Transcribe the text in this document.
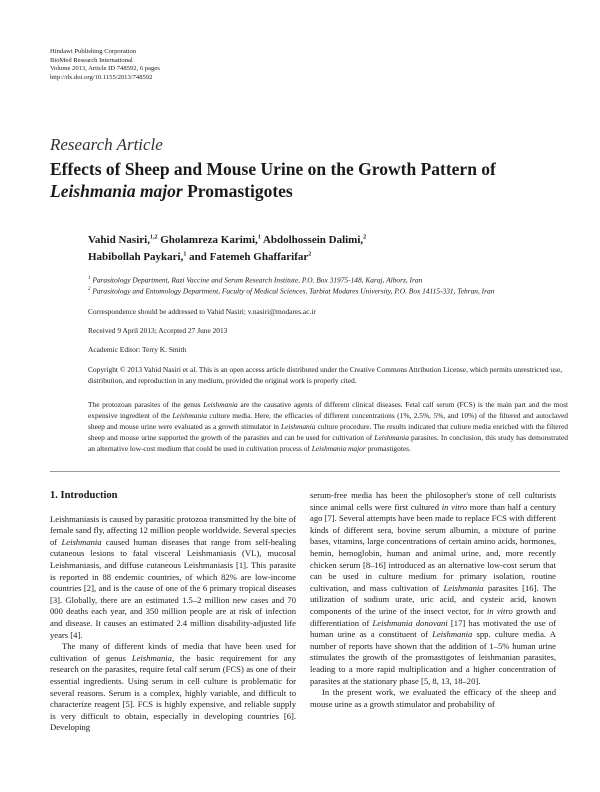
Hindawi Publishing Corporation
BioMed Research International
Volume 2013, Article ID 748592, 6 pages
http://dx.doi.org/10.1155/2013/748592
Research Article
Effects of Sheep and Mouse Urine on the Growth Pattern of
Leishmania major Promastigotes
Vahid Nasiri,$^{1,2}$ Gholamreza Karimi,$^1$ Abdolhossein Dalimi,$^2$
Habibollah Paykari,$^1$ and Fatemeh Ghaffarifar$^2$
$^1$ Parasitology Department, Razi Vaccine and Serum Research Institute, P.O. Box 31975-148, Karaj, Alborz, Iran
$^2$ Parasitology and Entomology Department, Faculty of Medical Sciences, Tarbiat Modares University, P.O. Box 14115-331, Tehran, Iran
Correspondence should be addressed to Vahid Nasiri; v.nasiri@modares.ac.ir
Received 9 April 2013; Accepted 27 June 2013
Academic Editor: Terry K. Smith
Copyright © 2013 Vahid Nasiri et al. This is an open access article distributed under the Creative Commons Attribution License, which permits unrestricted use, distribution, and reproduction in any medium, provided the original work is properly cited.
The protozoan parasites of the genus Leishmania are the causative agents of different clinical diseases. Fetal calf serum (FCS) is the main part and the most expensive ingredient of the Leishmania culture media. Here, the efficacies of different concentrations (1%, 2.5%, 5%, and 10%) of the filtered and autoclaved sheep and mouse urine were evaluated as a growth stimulator in Leishmania culture procedure. The results indicated that culture media enriched with the filtered sheep and mouse urine supported the growth of the parasites and can be used for cultivation of Leishmania parasites. In conclusion, this study has demonstrated an alternative low-cost medium that could be used in cultivation process of Leishmania major promastigotes.
1. Introduction

Leishmaniasis is caused by parasitic protozoa transmitted by the bite of female sand fly, affecting 12 million people worldwide. Several species of Leishmania caused human diseases that range from self-healing cutaneous lesions to fatal visceral Leishmaniasis (VL), mucosal Leishmaniasis, and diffuse cutaneous Leishmaniasis [1]. This parasite is reported in 88 endemic countries, of which 82% are low-income countries [2], and is the cause of one of the 6 primary tropical diseases [3]. Globally, there are an estimated 1.5–2 million new cases and 70 000 deaths each year, and 350 million people are at risk of infection and disease. It causes an estimated 2.4 million disability-adjusted life years [4].

The many of different kinds of media that have been used for cultivation of genus Leishmania, the basic requirement for any research on the parasites, require fetal calf serum (FCS) as one of their essential ingredients. Using serum in cell culture is problematic for several reasons. Serum is a complex, highly variable, and difficult to characterize reagent [5]. FCS is highly expensive, and reliable supply is very difficult to obtain, especially in developing countries [6]. Developing

serum-free media has been the philosopher's stone of cell culturists since animal cells were first cultured in vitro more than half a century ago [7]. Several attempts have been made to replace FCS with different kinds of different sera, bovine serum albumin, a mixture of purine bases, vitamins, large concentrations of certain amino acids, hormones, hemin, hemoglobin, human and animal urine, and, more recently chicken serum [8–16] introduced as an alternative low-cost serum that can be used in culture medium for primary isolation, routine cultivation, and mass cultivation of Leishmania parasites [16]. The utilization of sodium urate, uric acid, and cysteic acid, known components of the urine of the insect vector, for in vitro growth and differentiation of Leishmania donovani [17] has motivated the use of human urine as a constituent of Leishmania spp. culture media. A number of reports have shown that the addition of 1–5% human urine stimulates the growth of the promastigotes of leishmanian parasites, leading to a more rapid multiplication and a higher concentration of parasites at the stationary phase [5, 8, 13, 18–20].

In the present work, we evaluated the efficacy of the sheep and mouse urine as a growth stimulator and probability of
